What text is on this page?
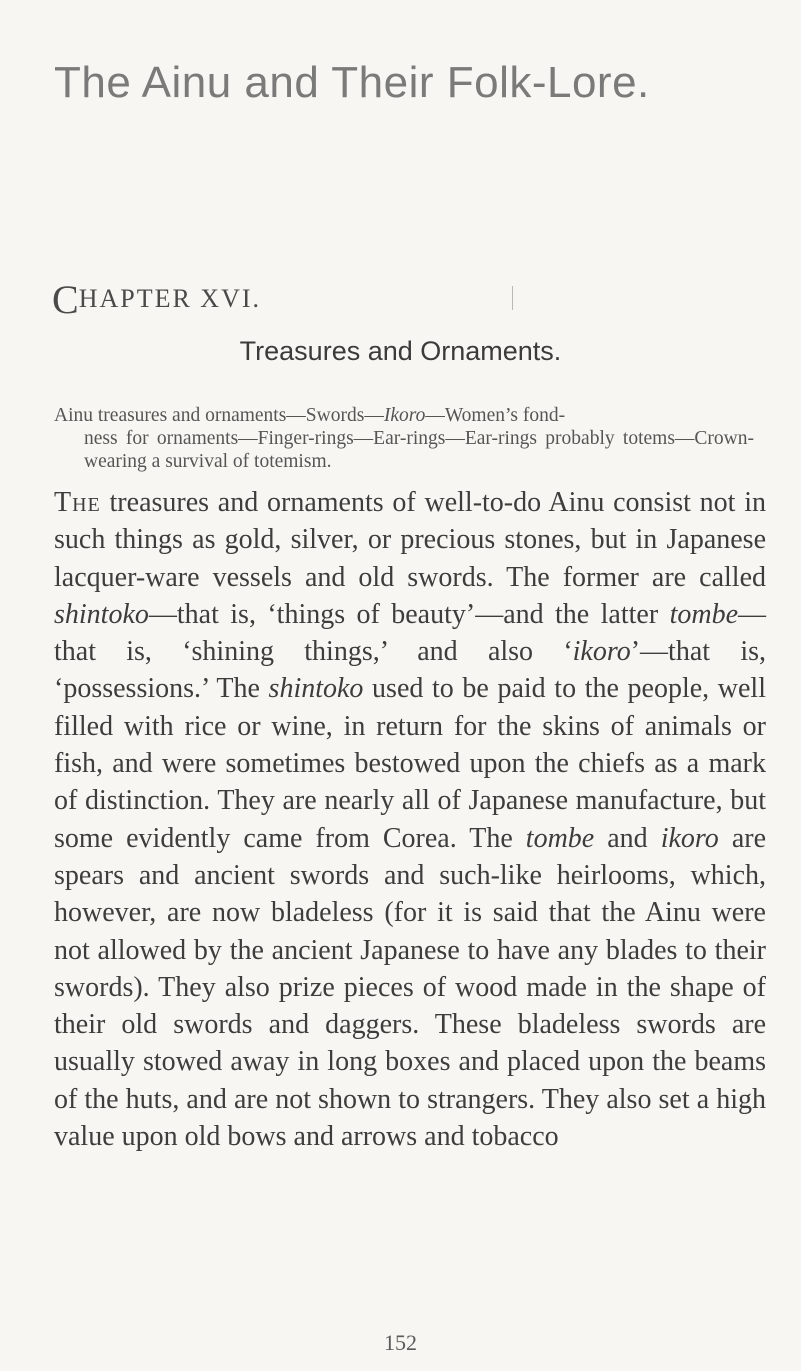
The Ainu and Their Folk-Lore.
CHAPTER XVI.
Treasures and Ornaments.
Ainu treasures and ornaments—Swords—Ikoro—Women’s fond-
ness for ornaments—Finger-rings—Ear-rings—Ear-rings probably totems—Crown-wearing a survival of totemism.

The treasures and ornaments of well-to-do Ainu consist not in such things as gold, silver, or precious stones, but in Japanese lacquer-ware vessels and old swords. The former are called shintoko—that is, ‘things of beauty’—and the latter tombe—that is, ‘shining things,’ and also ‘ikoro’—that is, ‘possessions.’ The shintoko used to be paid to the people, well filled with rice or wine, in return for the skins of animals or fish, and were sometimes bestowed upon the chiefs as a mark of distinction. They are nearly all of Japanese manufacture, but some evidently came from Corea. The tombe and ikoro are spears and ancient swords and such-like heirlooms, which, however, are now bladeless (for it is said that the Ainu were not allowed by the ancient Japanese to have any blades to their swords). They also prize pieces of wood made in the shape of their old swords and daggers. These bladeless swords are usually stowed away in long boxes and placed upon the beams of the huts, and are not shown to strangers. They also set a high value upon old bows and arrows and tobacco

152
